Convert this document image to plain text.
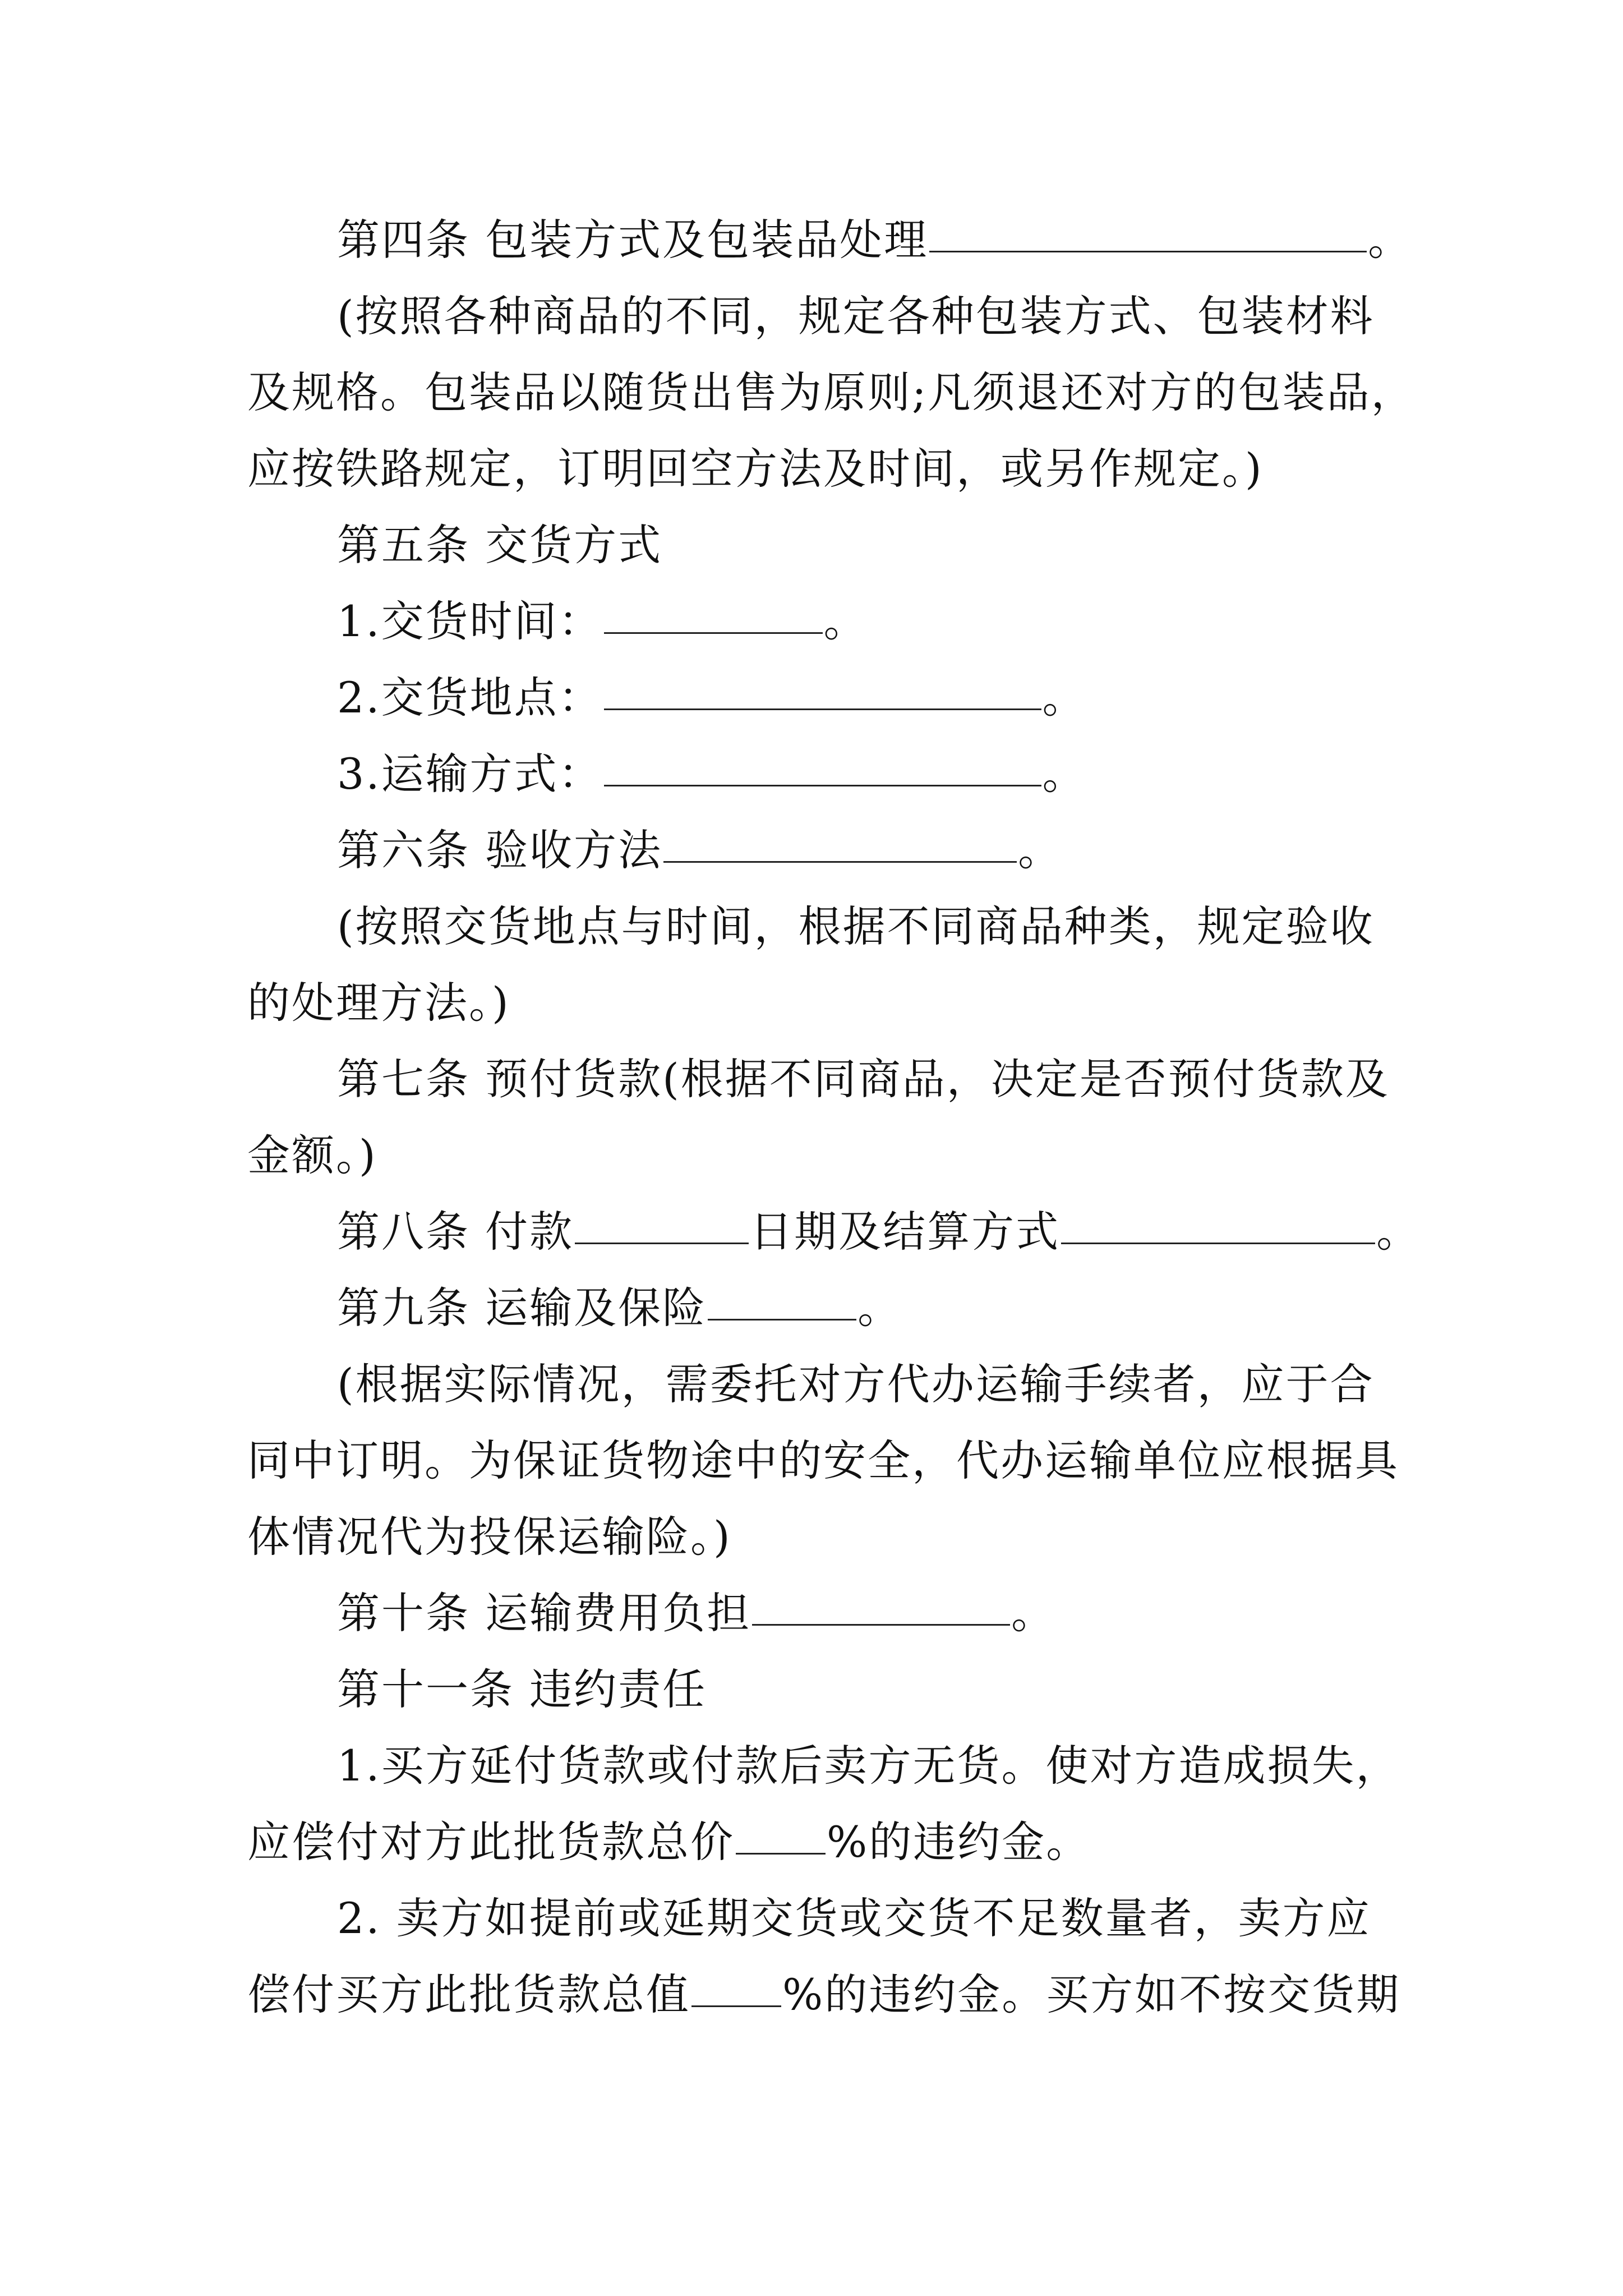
第四条 包装方式及包装品处理	。
(按照各种商品的不同，规定各种包装方式、包装材料
及规格。包装品以随货出售为原则;凡须退还对方的包装品，
应按铁路规定，订明回空方法及时间，或另作规定。)
第五条 交货方式
1.交货时间：	。
2.交货地点：	。
3.运输方式：	。
第六条 验收方法	。
(按照交货地点与时间，根据不同商品种类，规定验收
的处理方法。)
第七条 预付货款(根据不同商品，决定是否预付货款及
金额。)
第八条 付款	日期及结算方式	。
第九条 运输及保险	。
(根据实际情况，需委托对方代办运输手续者，应于合
同中订明。为保证货物途中的安全，代办运输单位应根据具
体情况代为投保运输险。)
第十条 运输费用负担	。
第十一条 违约责任
1.买方延付货款或付款后卖方无货。使对方造成损失，
应偿付对方此批货款总价 %的违约金。
2. 卖方如提前或延期交货或交货不足数量者，卖方应
偿付买方此批货款总值 %的违约金。买方如不按交货期
